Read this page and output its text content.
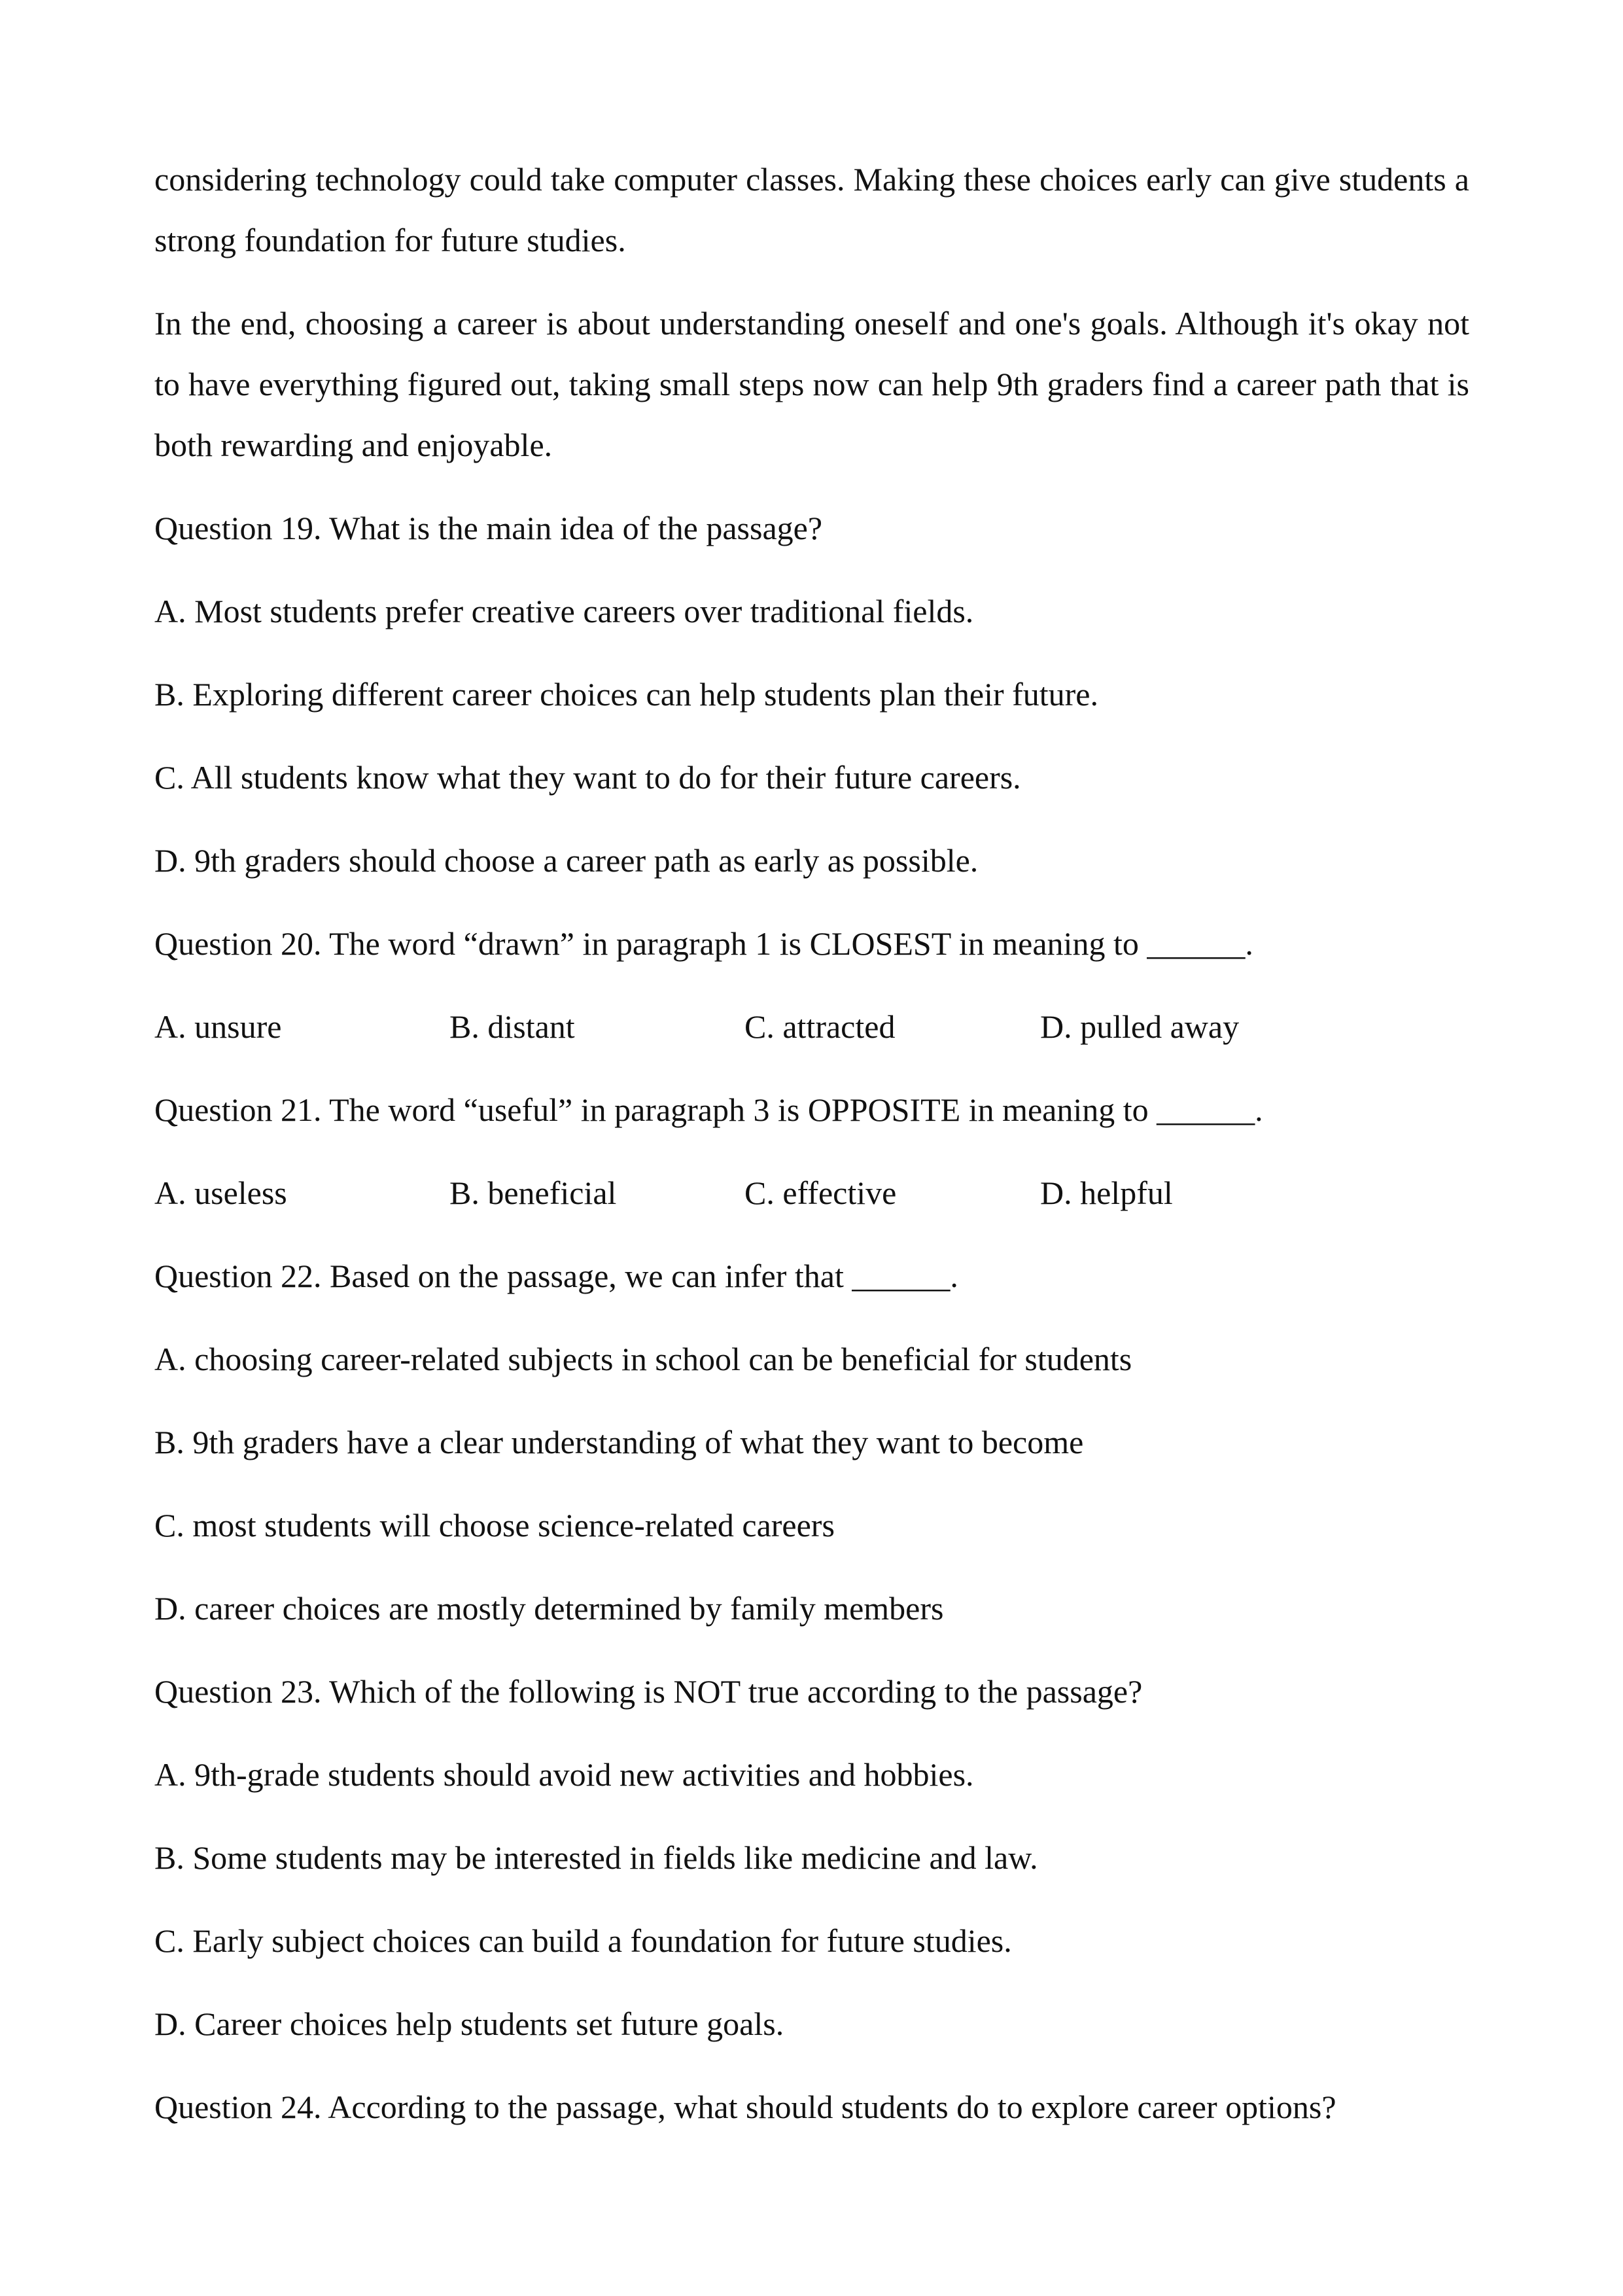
considering technology could take computer classes. Making these choices early can give students a strong foundation for future studies.

In the end, choosing a career is about understanding oneself and one's goals. Although it's okay not to have everything figured out, taking small steps now can help 9th graders find a career path that is both rewarding and enjoyable.

Question 19. What is the main idea of the passage?
A. Most students prefer creative careers over traditional fields.
B. Exploring different career choices can help students plan their future.
C. All students know what they want to do for their future careers.
D. 9th graders should choose a career path as early as possible.
Question 20. The word “drawn” in paragraph 1 is CLOSEST in meaning to ______.
A. unsure	B. distant	C. attracted	D. pulled away
Question 21. The word “useful” in paragraph 3 is OPPOSITE in meaning to ______.
A. useless	B. beneficial	C. effective	D. helpful
Question 22. Based on the passage, we can infer that ______.
A. choosing career-related subjects in school can be beneficial for students
B. 9th graders have a clear understanding of what they want to become
C. most students will choose science-related careers
D. career choices are mostly determined by family members
Question 23. Which of the following is NOT true according to the passage?
A. 9th-grade students should avoid new activities and hobbies.
B. Some students may be interested in fields like medicine and law.
C. Early subject choices can build a foundation for future studies.
D. Career choices help students set future goals.
Question 24. According to the passage, what should students do to explore career options?
